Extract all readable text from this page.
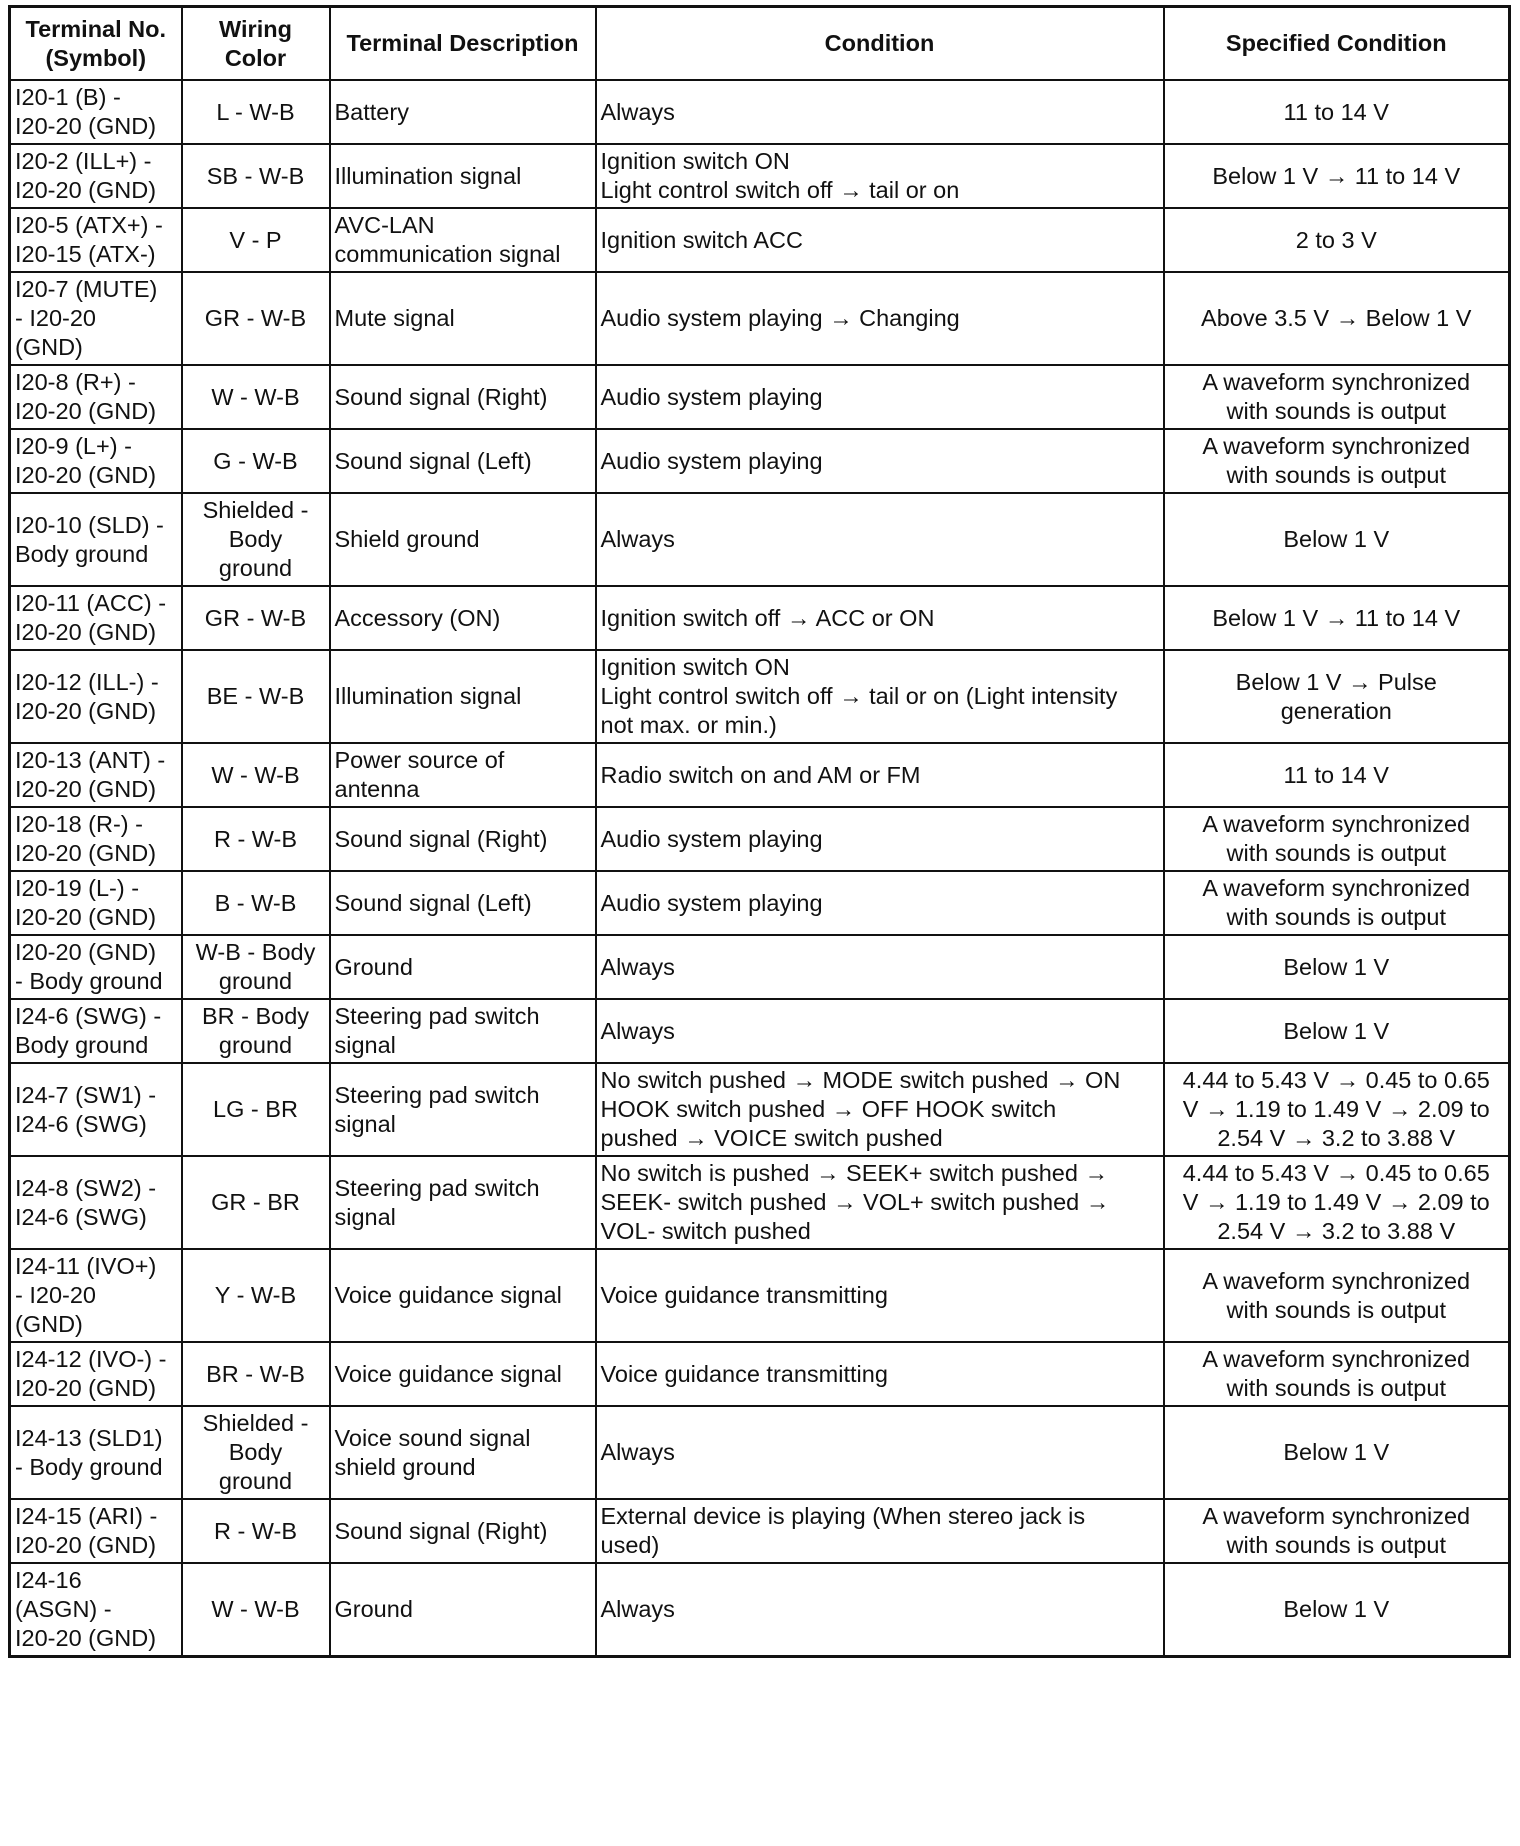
Terminal No.
(Symbol)	Wiring
Color	Terminal Description	Condition	Specified Condition
I20-1 (B) -
I20-20 (GND)	L - W-B	Battery	Always	11 to 14 V
I20-2 (ILL+) -
I20-20 (GND)	SB - W-B	Illumination signal	Ignition switch ON
Light control switch off → tail or on	Below 1 V → 11 to 14 V
I20-5 (ATX+) -
I20-15 (ATX-)	V - P	AVC-LAN
communication signal	Ignition switch ACC	2 to 3 V
I20-7 (MUTE)
- I20-20
(GND)	GR - W-B	Mute signal	Audio system playing → Changing	Above 3.5 V → Below 1 V
I20-8 (R+) -
I20-20 (GND)	W - W-B	Sound signal (Right)	Audio system playing	A waveform synchronized
with sounds is output
I20-9 (L+) -
I20-20 (GND)	G - W-B	Sound signal (Left)	Audio system playing	A waveform synchronized
with sounds is output
I20-10 (SLD) -
Body ground	Shielded -
Body
ground	Shield ground	Always	Below 1 V
I20-11 (ACC) -
I20-20 (GND)	GR - W-B	Accessory (ON)	Ignition switch off → ACC or ON	Below 1 V → 11 to 14 V
I20-12 (ILL-) -
I20-20 (GND)	BE - W-B	Illumination signal	Ignition switch ON
Light control switch off → tail or on (Light intensity
not max. or min.)	Below 1 V → Pulse
generation
I20-13 (ANT) -
I20-20 (GND)	W - W-B	Power source of
antenna	Radio switch on and AM or FM	11 to 14 V
I20-18 (R-) -
I20-20 (GND)	R - W-B	Sound signal (Right)	Audio system playing	A waveform synchronized
with sounds is output
I20-19 (L-) -
I20-20 (GND)	B - W-B	Sound signal (Left)	Audio system playing	A waveform synchronized
with sounds is output
I20-20 (GND)
- Body ground	W-B - Body
ground	Ground	Always	Below 1 V
I24-6 (SWG) -
Body ground	BR - Body
ground	Steering pad switch
signal	Always	Below 1 V
I24-7 (SW1) -
I24-6 (SWG)	LG - BR	Steering pad switch
signal	No switch pushed → MODE switch pushed → ON
HOOK switch pushed → OFF HOOK switch
pushed → VOICE switch pushed	4.44 to 5.43 V → 0.45 to 0.65
V → 1.19 to 1.49 V → 2.09 to
2.54 V → 3.2 to 3.88 V
I24-8 (SW2) -
I24-6 (SWG)	GR - BR	Steering pad switch
signal	No switch is pushed → SEEK+ switch pushed →
SEEK- switch pushed → VOL+ switch pushed →
VOL- switch pushed	4.44 to 5.43 V → 0.45 to 0.65
V → 1.19 to 1.49 V → 2.09 to
2.54 V → 3.2 to 3.88 V
I24-11 (IVO+)
- I20-20
(GND)	Y - W-B	Voice guidance signal	Voice guidance transmitting	A waveform synchronized
with sounds is output
I24-12 (IVO-) -
I20-20 (GND)	BR - W-B	Voice guidance signal	Voice guidance transmitting	A waveform synchronized
with sounds is output
I24-13 (SLD1)
- Body ground	Shielded -
Body
ground	Voice sound signal
shield ground	Always	Below 1 V
I24-15 (ARI) -
I20-20 (GND)	R - W-B	Sound signal (Right)	External device is playing (When stereo jack is
used)	A waveform synchronized
with sounds is output
I24-16
(ASGN) -
I20-20 (GND)	W - W-B	Ground	Always	Below 1 V
